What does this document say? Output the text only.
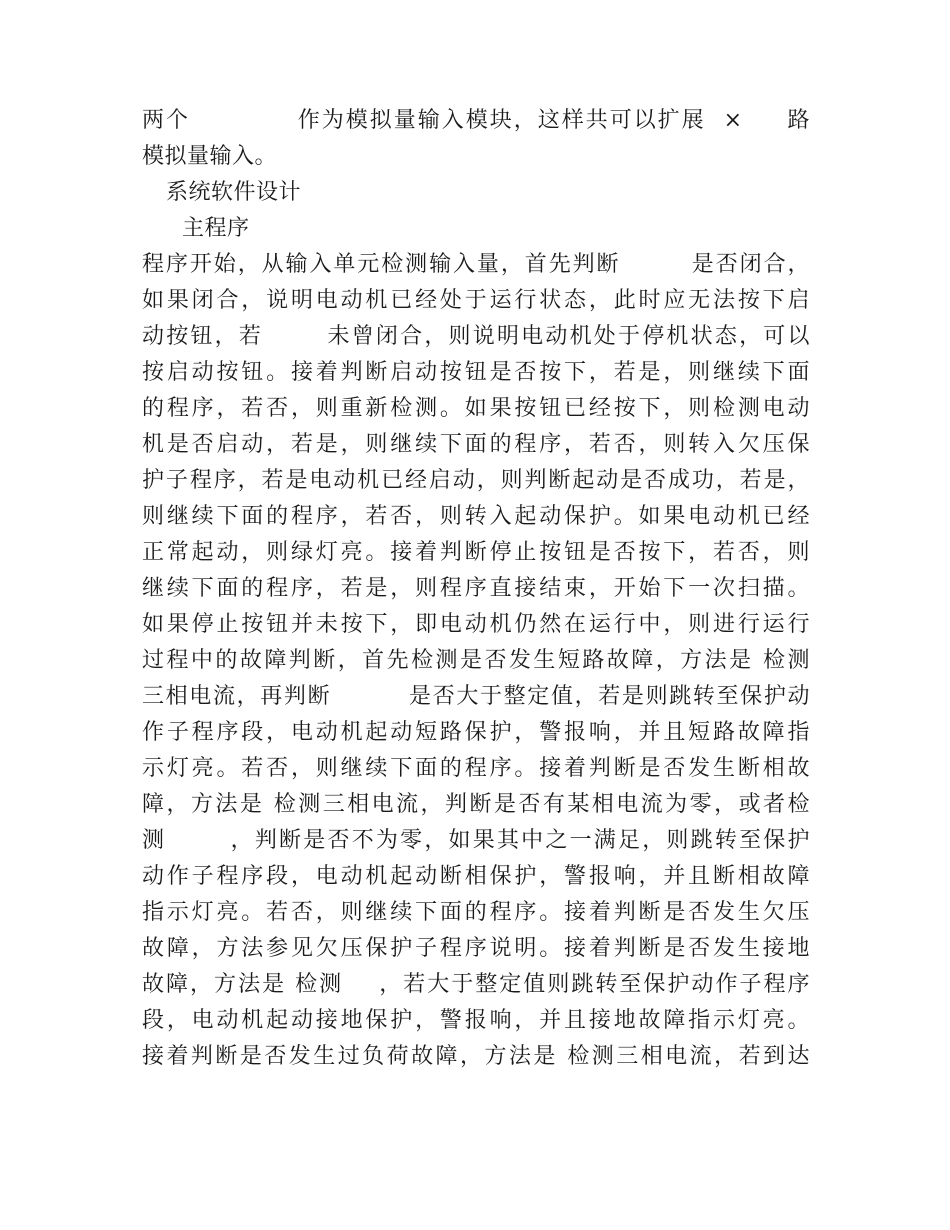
两个            作为模拟量输入模块，这样共可以扩展  ×     路
模拟量输入。
系统软件设计
主程序
程序开始，从输入单元检测输入量，首先判断        是否闭合，
如果闭合，说明电动机已经处于运行状态，此时应无法按下启
动按钮，若       未曾闭合，则说明电动机处于停机状态，可以
按启动按钮。接着判断启动按钮是否按下，若是，则继续下面
的程序，若否，则重新检测。如果按钮已经按下，则检测电动
机是否启动，若是，则继续下面的程序，若否，则转入欠压保
护子程序，若是电动机已经启动，则判断起动是否成功，若是，
则继续下面的程序，若否，则转入起动保护。如果电动机已经
正常起动，则绿灯亮。接着判断停止按钮是否按下，若否，则
继续下面的程序，若是，则程序直接结束，开始下一次扫描。
如果停止按钮并未按下，即电动机仍然在运行中，则进行运行
过程中的故障判断，首先检测是否发生短路故障，方法是 检测
三相电流，再判断         是否大于整定值，若是则跳转至保护动
作子程序段，电动机起动短路保护，警报响，并且短路故障指
示灯亮。若否，则继续下面的程序。接着判断是否发生断相故
障，方法是 检测三相电流，判断是否有某相电流为零，或者检
测       ，判断是否不为零，如果其中之一满足，则跳转至保护
动作子程序段，电动机起动断相保护，警报响，并且断相故障
指示灯亮。若否，则继续下面的程序。接着判断是否发生欠压
故障，方法参见欠压保护子程序说明。接着判断是否发生接地
故障，方法是 检测    ，若大于整定值则跳转至保护动作子程序
段，电动机起动接地保护，警报响，并且接地故障指示灯亮。
接着判断是否发生过负荷故障，方法是 检测三相电流，若到达
